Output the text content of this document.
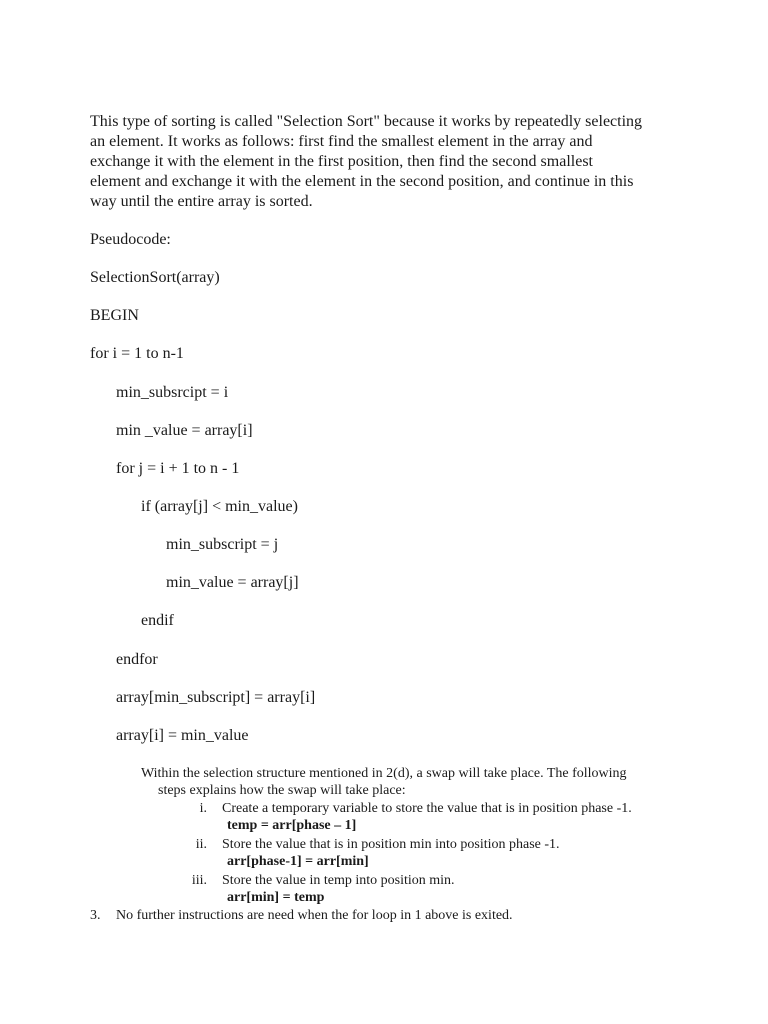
This type of sorting is called "Selection Sort" because it works by repeatedly selecting
an element. It works as follows: first find the smallest element in the array and
exchange it with the element in the first position, then find the second smallest
element and exchange it with the element in the second position, and continue in this
way until the entire array is sorted.
Pseudocode:
SelectionSort(array)
BEGIN
for i = 1 to n-1
min_subsrcipt = i
min _value = array[i]
for j = i + 1 to n - 1
if (array[j] < min_value)
min_subscript = j
min_value = array[j]
endif
endfor
array[min_subscript] = array[i]
array[i] = min_value
Within the selection structure mentioned in 2(d), a swap will take place. The following
steps explains how the swap will take place:
i. Create a temporary variable to store the value that is in position phase -1.
temp = arr[phase – 1]
ii. Store the value that is in position min into position phase -1.
arr[phase-1] = arr[min]
iii. Store the value in temp into position min.
arr[min] = temp
3. No further instructions are need when the for loop in 1 above is exited.
